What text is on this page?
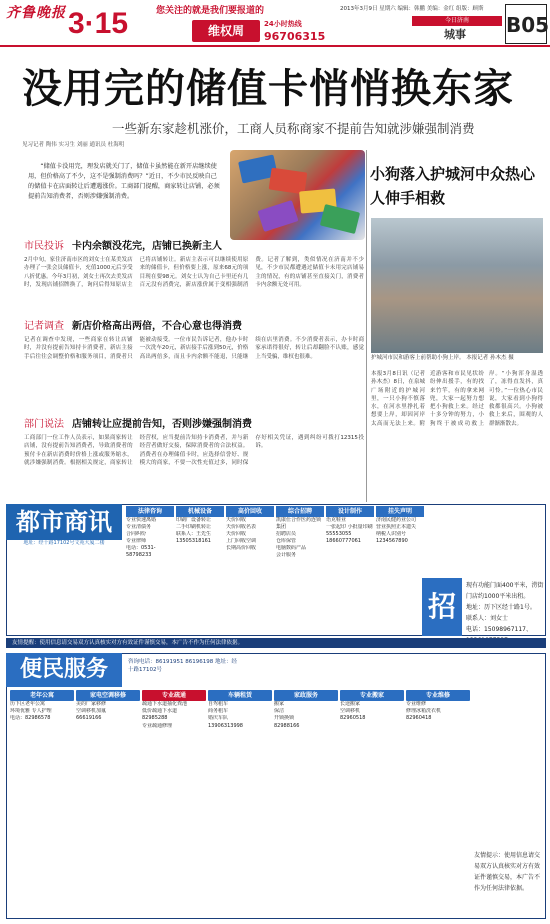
齐鲁晚报 3·15	您关注的就是我们要报道的
维权周	24小时热线
96706315
2013年3月9日 星期六 编辑：韩鹏 美编：金红 组版：顾斯
今日济南
城事	B05
没用完的储值卡悄悄换东家
一些新东家趁机涨价，工商人员称商家不提前告知就涉嫌强制消费
见习记者 陶伟 实习生 刘丽 通讯员 杜海明
“储值卡没用完，理发店就关门了，储值卡虽然能在新开店继续使用，但价格高了不少，这不是强制消费吗？”近日，不少市民反映自己的储值卡在店面转让后遭遇涨价。工商部门提醒，商家转让店铺，必须提前告知消费者，否则涉嫌强制消费。
小狗落入护城河中众热心人伸手相救
护城河市民和游客上前帮助小狗上岸。 本报记者 孙木杰 摄
本报3月8日讯（记者 孙木杰）8日，在泉城广场附近的护城河里，一只小狗不慎落水，在河水里挣扎着想要上岸，却因河岸太高而无法上来。附近游客和市民见状纷纷伸出援手，有的找来竹竿，有的拿来网兜，大家一起努力想把小狗救上来。经过十多分钟的努力，小狗终于被成功救上岸。“小狗浑身湿透了，冻得直发抖，真可怜。”一位热心市民说，大家看到小狗得救都很高兴。小狗被救上来后，围观的人群渐渐散去。
市民投诉 卡内余额没花完，店铺已换新主人
2月中旬，家住济南市区的刘女士在某美发店办理了一张会员储值卡，充值1000元后享受八折优惠。今年3月初，刘女士再次去美发店时，发现店铺招牌换了，询问后得知原店主已将店铺转让。新店主表示可以继续使用原来的储值卡，但价格要上涨，原来68元的项目现在要98元。刘女士认为自己卡里还有几百元没有消费完，新店涨价属于变相强制消费。记者了解到，类似情况在济南并不少见，不少市民都遭遇过储值卡未用完店铺易主的情况，有的店铺甚至直接关门，消费者卡内余额无处可用。
记者调查 新店价格高出两倍，不合心意也得消费
记者在调查中发现，一些商家在转让店铺时，并没有提前告知持卡消费者，新店主接手后往往会调整价格和服务项目，消费者只能被动接受。一位市民告诉记者，他办卡时一次洗车20元，新店接手后涨到50元，价格高出两倍多，而且卡内余额不能退，只能继续在店里消费。不少消费者表示，办卡时商家承诺得很好，转让后却翻脸不认账，感觉上当受骗，维权也很难。
部门说法 店铺转让应提前告知，否则涉嫌强制消费
工商部门一位工作人员表示，如果商家转让店铺，没有提前告知消费者，导致消费者的预付卡在新店消费时价格上涨或服务缩水，就涉嫌强制消费。根据相关规定，商家转让经营权，应当提前告知持卡消费者，并与新经营者做好交接，保障消费者的合法权益。消费者在办理储值卡时，应选择信誉好、规模大的商家，不要一次性充值过多，同时保存好相关凭证，遇到纠纷可拨打12315投诉。
都市商讯
地址：经十路17102号文苑大厦二楼
法律咨询
专业快速离婚
专业清债务
合同纠纷
专业律师
电话：0531-58798233
机械设备
印刷厂设备转让
二手印刷机转让
联系人：王先生
13505318161
高价回收
天价回收
天价回收名表
天价回收
上门回收空调
长期高价回收
综合招聘
凯康仕合作医药连锁集团
招聘店员
仓库保管
电脑数码产品
会计服务
设计制作
语克鞋业
一张起印 小批量印刷
55553055 18660777061
挂失声明
济南民健药业公司
营业执照正本遗失
纳税人识别号
1234567890
招商
现有功能门面400平米，涝街门店约1000平米出租。
地址：历下区经十路1号。
联系人：刘女士
电话：15098967117、
友情提醒：使用信息请交易双方认真核实对方有效证件谨慎交易，本广告不作为任何法律依据。
便民服务	咨询电话：86191951 86196198 地址：经十路17102号
老年公寓
历下区老年公寓
环境优雅 专人护理
电话：82986578
家电空调移修
美的厂家移修
空调移机加氟
66619166
专业疏通
疏通下水道抽化粪池
低价疏通下水道
82985288
专业疏通修理
车辆租赁
自驾租车
商务租车
婚庆车队
13906313998
家政服务
搬家
保洁
开锁换锁
82988166
专业搬家
长途搬家
空调移机
82960518
专业维修
专业维修
修理冰箱洗衣机
82960418
友情提示：使用信息请交易双方认真核实对方有效证件谨慎交易，本广告不作为任何法律依据。
